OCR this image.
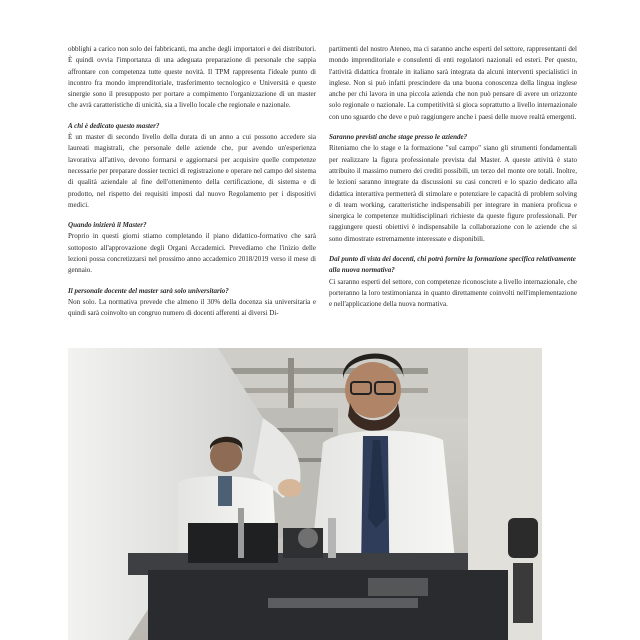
obblighi a carico non solo dei fabbricanti, ma anche degli importatori e dei distributori. È quindi ovvia l'importanza di una adeguata preparazione di personale che sappia affrontare con competenza tutte queste novità. Il TPM rappresenta l'ideale punto di incontro fra mondo imprenditoriale, trasferimento tecnologico e Università e queste sinergie sono il presupposto per portare a compimento l'organizzazione di un master che avrà caratteristiche di unicità, sia a livello locale che regionale e nazionale.

A chi è dedicato questo master?

È un master di secondo livello della durata di un anno a cui possono accedere sia laureati magistrali, che personale delle aziende che, pur avendo un'esperienza lavorativa all'attivo, devono formarsi e aggiornarsi per acquisire quelle competenze necessarie per preparare dossier tecnici di registrazione e operare nel campo del sistema di qualità aziendale al fine dell'ottenimento della certificazione, di sistema e di prodotto, nel rispetto dei requisiti imposti dal nuovo Regolamento per i dispositivi medici.

Quando inizierà il Master?

Proprio in questi giorni stiamo completando il piano didattico-formativo che sarà sottoposto all'approvazione degli Organi Accademici. Prevediamo che l'inizio delle lezioni possa concretizzarsi nel prossimo anno accademico 2018/2019 verso il mese di gennaio.

Il personale docente del master sarà solo universitario?

Non solo. La normativa prevede che almeno il 30% della docenza sia universitaria e quindi sarà coinvolto un congruo numero di docenti afferenti ai diversi Di-

partimenti del nostro Ateneo, ma ci saranno anche esperti del settore, rappresentanti del mondo imprenditoriale e consulenti di enti regolatori nazionali ed esteri. Per questo, l'attività didattica frontale in italiano sarà integrata da alcuni interventi specialistici in inglese. Non si può infatti prescindere da una buona conoscenza della lingua inglese anche per chi lavora in una piccola azienda che non può pensare di avere un orizzonte solo regionale o nazionale. La competitività si gioca soprattutto a livello internazionale con uno sguardo che deve e può raggiungere anche i paesi delle nuove realtà emergenti.

Saranno previsti anche stage presso le aziende?

Riteniamo che lo stage e la formazione "sul campo" siano gli strumenti fondamentali per realizzare la figura professionale prevista dal Master. A queste attività è stato attribuito il massimo numero dei crediti possibili, un terzo del monte ore totali. Inoltre, le lezioni saranno integrate da discussioni su casi concreti e lo spazio dedicato alla didattica interattiva permetterà di stimolare e potenziare le capacità di problem solving e di team working, caratteristiche indispensabili per integrare in maniera proficua e sinergica le competenze multidisciplinari richieste da queste figure professionali. Per raggiungere questi obiettivi è indispensabile la collaborazione con le aziende che si sono dimostrate estremamente interessate e disponibili.

Dal punto di vista dei docenti, chi potrà fornire la formazione specifica relativamente alla nuova normativa?

Ci saranno esperti del settore, con competenze riconosciute a livello internazionale, che porteranno la loro testimonianza in quanto direttamente coinvolti nell'implementazione e nell'applicazione della nuova normativa.
